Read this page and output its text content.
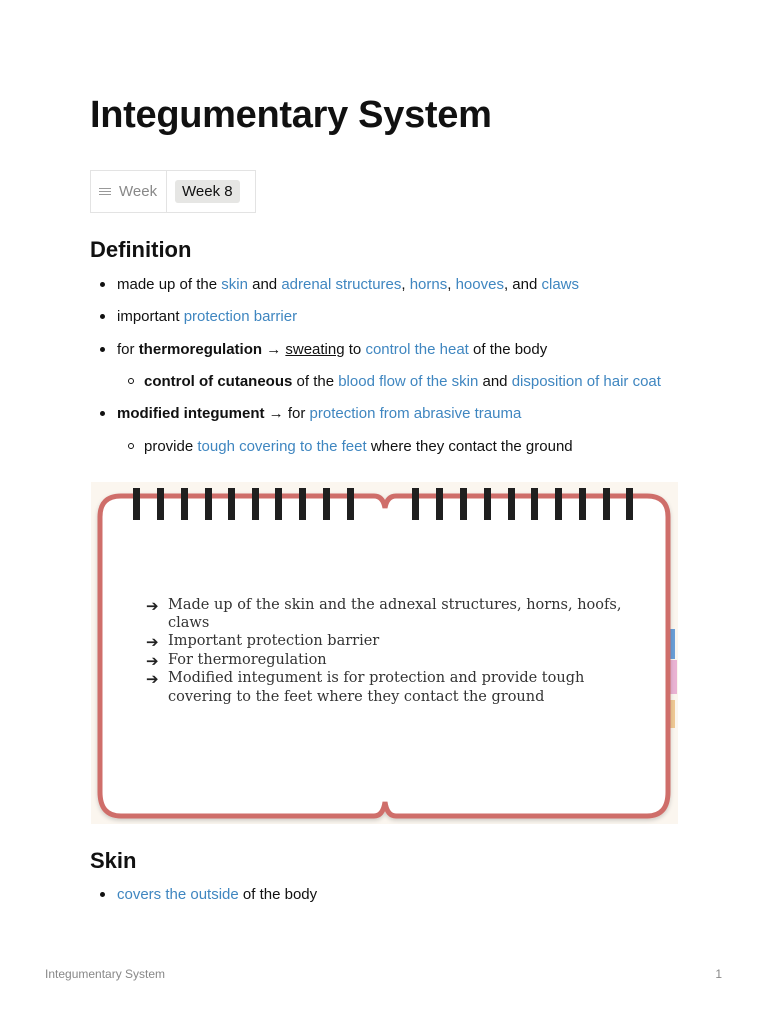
Integumentary System
Week	Week 8
Definition
made up of the skin and adrenal structures, horns, hooves, and claws
important protection barrier
for thermoregulation → sweating to control the heat of the body
control of cutaneous of the blood flow of the skin and disposition of hair coat
modified integument → for protection from abrasive trauma
provide tough covering to the feet where they contact the ground
➔ Made up of the skin and the adnexal structures, horns, hoofs,
claws
➔ Important protection barrier
➔ For thermoregulation
➔ Modified integument is for protection and provide tough
covering to the feet where they contact the ground
Skin
covers the outside of the body
Integumentary System	1
